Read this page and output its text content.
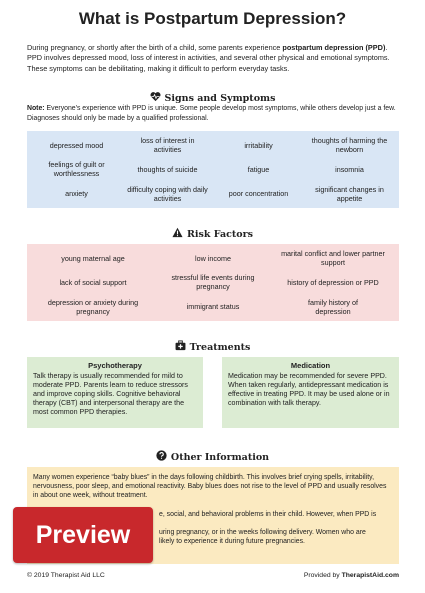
What is Postpartum Depression?
During pregnancy, or shortly after the birth of a child, some parents experience postpartum depression (PPD). PPD involves depressed mood, loss of interest in activities, and several other physical and emotional symptoms. These symptoms can be debilitating, making it difficult to perform everyday tasks.
Signs and Symptoms
Note: Everyone's experience with PPD is unique. Some people develop most symptoms, while others develop just a few. Diagnoses should only be made by a qualified professional.
depressed mood	loss of interest in activities	irritability	thoughts of harming the newborn
feelings of guilt or worthlessness	thoughts of suicide	fatigue	insomnia
anxiety	difficulty coping with daily activities	poor concentration	significant changes in appetite
Risk Factors
young maternal age	low income	marital conflict and lower partner support
lack of social support	stressful life events during pregnancy	history of depression or PPD
depression or anxiety during pregnancy	immigrant status	family history of depression
Treatments
Psychotherapy
Talk therapy is usually recommended for mild to moderate PPD. Parents learn to reduce stressors and improve coping skills. Cognitive behavioral therapy (CBT) and interpersonal therapy are the most common PPD therapies.
Medication
Medication may be recommended for severe PPD. When taken regularly, antidepressant medication is effective in treating PPD. It may be used alone or in combination with talk therapy.
Other Information

Many women experience “baby blues” in the days following childbirth. This involves brief crying spells, irritability, nervousness, poor sleep, and emotional reactivity. Baby blues does not rise to the level of PPD and usually resolves in about one week, without treatment.

e, social, and behavioral problems in their child. However, when PPD is

uring pregnancy, or in the weeks following delivery. Women who are
likely to experience it during future pregnancies.

© 2019 Therapist Aid LLC	Provided by TherapistAid.com
Preview
